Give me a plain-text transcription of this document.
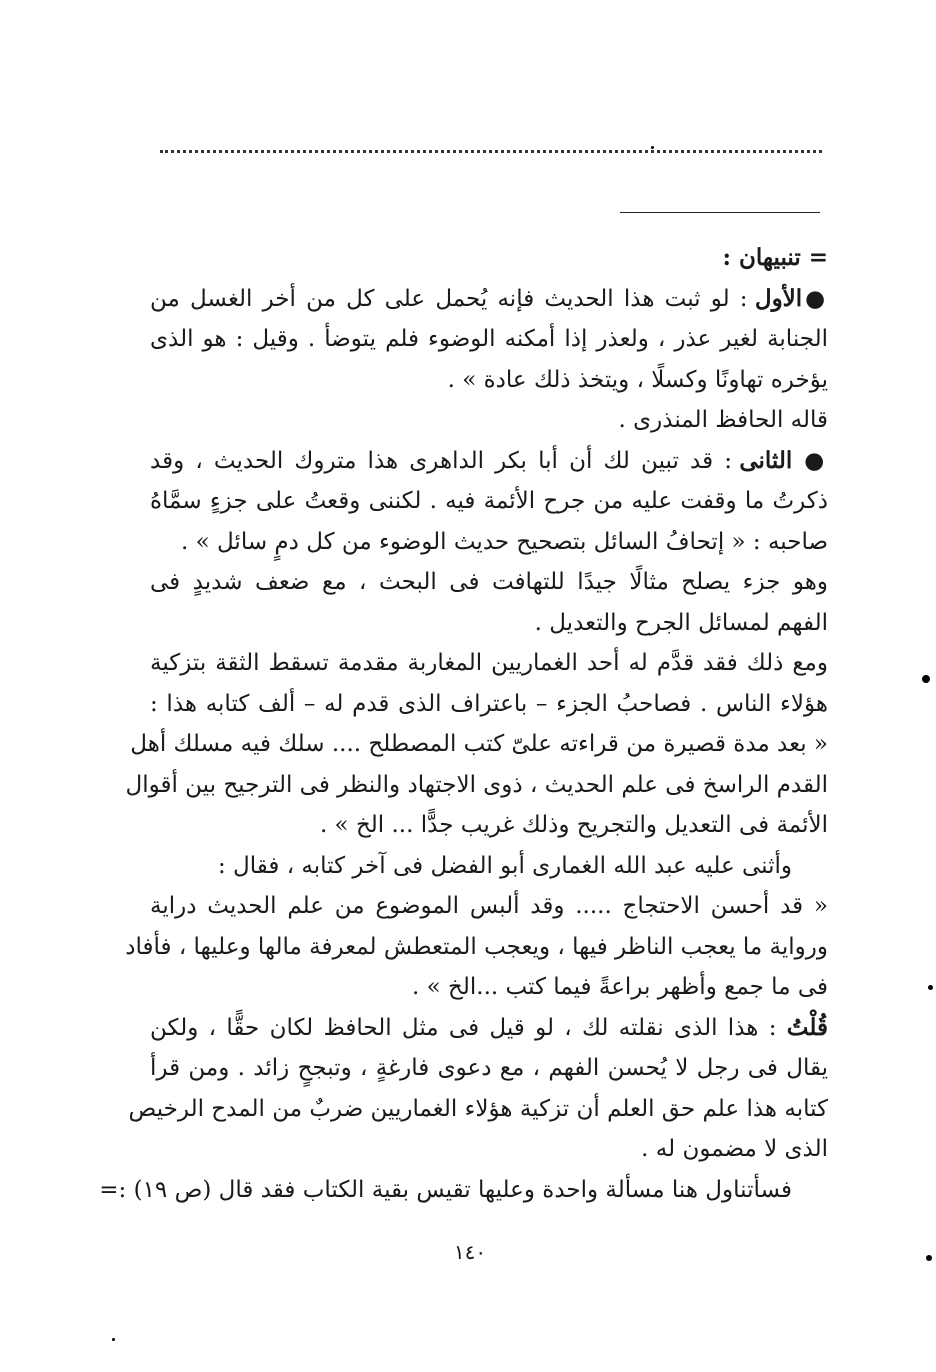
= تنبيهان :
●الأول : لو ثبت هذا الحديث فإنه يُحمل على كل من أخر الغسل من
الجنابة لغير عذر ، ولعذر إذا أمكنه الوضوء فلم يتوضأ . وقيل : هو الذى
يؤخره تهاونًا وكسلًا ، ويتخذ ذلك عادة » .
قاله الحافظ المنذرى .
● الثانى : قد تبين لك أن أبا بكر الداهرى هذا متروك الحديث ، وقد
ذكرتُ ما وقفت عليه من جرح الأئمة فيه . لكننى وقعتُ على جزءٍ سمَّاهُ
صاحبه : « إتحافُ السائل بتصحيح حديث الوضوء من كل دمٍ سائل » .
وهو جزء يصلح مثالًا جيدًا للتهافت فى البحث ، مع ضعف شديدٍ فى
الفهم لمسائل الجرح والتعديل .
ومع ذلك فقد قدَّم له أحد الغماريين المغاربة مقدمة تسقط الثقة بتزكية
هؤلاء الناس . فصاحبُ الجزء – باعتراف الذى قدم له – ألف كتابه هذا :
« بعد مدة قصيرة من قراءته علىّ كتب المصطلح .... سلك فيه مسلك أهل
القدم الراسخ فى علم الحديث ، ذوى الاجتهاد والنظر فى الترجيح بين أقوال
الأئمة فى التعديل والتجريح وذلك غريب جدًّا ... الخ » .
وأثنى عليه عبد الله الغمارى أبو الفضل فى آخر كتابه ، فقال :
« قد أحسن الاحتجاج ..... وقد ألبس الموضوع من علم الحديث دراية
ورواية ما يعجب الناظر فيها ، ويعجب المتعطش لمعرفة مالها وعليها ، فأفاد
فى ما جمع وأظهر براعةً فيما كتب ...الخ » .
قُلْتُ : هذا الذى نقلته لك ، لو قيل فى مثل الحافظ لكان حقًّا ، ولكن
يقال فى رجل لا يُحسن الفهم ، مع دعوى فارغةٍ ، وتبجحٍ زائد . ومن قرأ
كتابه هذا علم حق العلم أن تزكية هؤلاء الغماريين ضربٌ من المدح الرخيص
الذى لا مضمون له .
فسأتناول هنا مسألة واحدة وعليها تقيس بقية الكتاب فقد قال (ص ١٩) :=
١٤٠
